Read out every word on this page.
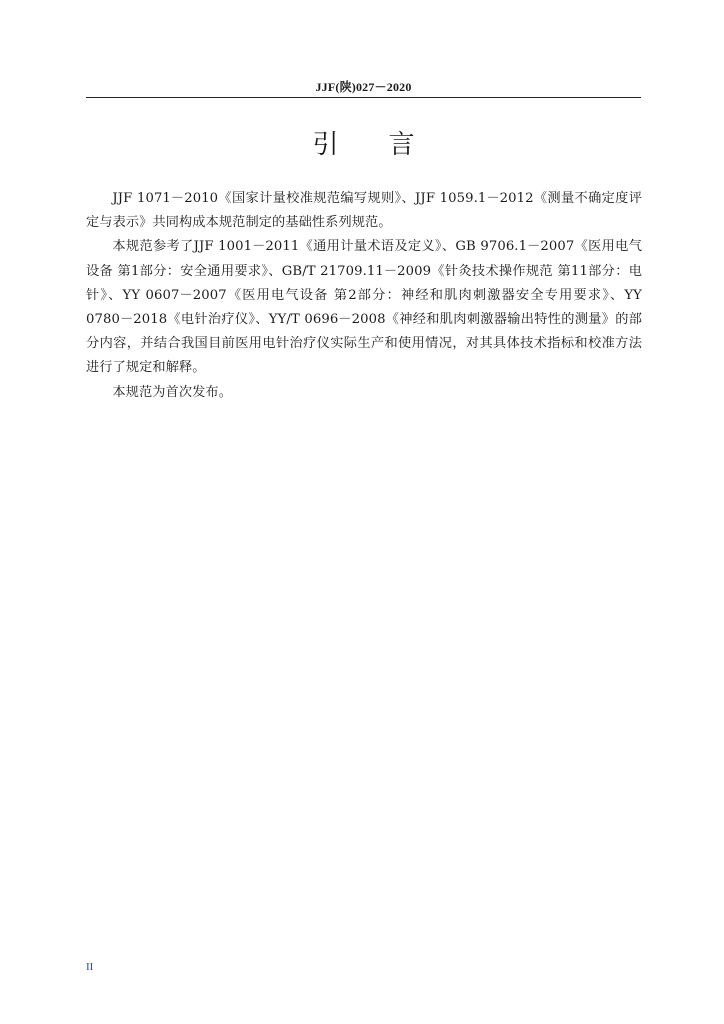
JJF(陕)027－2020
引言

JJF 1071－2010《国家计量校准规范编写规则》、JJF 1059.1－2012《测量不确定度评定与表示》共同构成本规范制定的基础性系列规范。

本规范参考了JJF 1001－2011《通用计量术语及定义》、GB 9706.1－2007《医用电气设备 第1部分：安全通用要求》、GB/T 21709.11－2009《针灸技术操作规范 第11部分：电针》、YY 0607－2007《医用电气设备 第2部分：神经和肌肉刺激器安全专用要求》、YY 0780－2018《电针治疗仪》、YY/T 0696－2008《神经和肌肉刺激器输出特性的测量》的部分内容，并结合我国目前医用电针治疗仪实际生产和使用情况，对其具体技术指标和校准方法进行了规定和解释。

本规范为首次发布。

II
